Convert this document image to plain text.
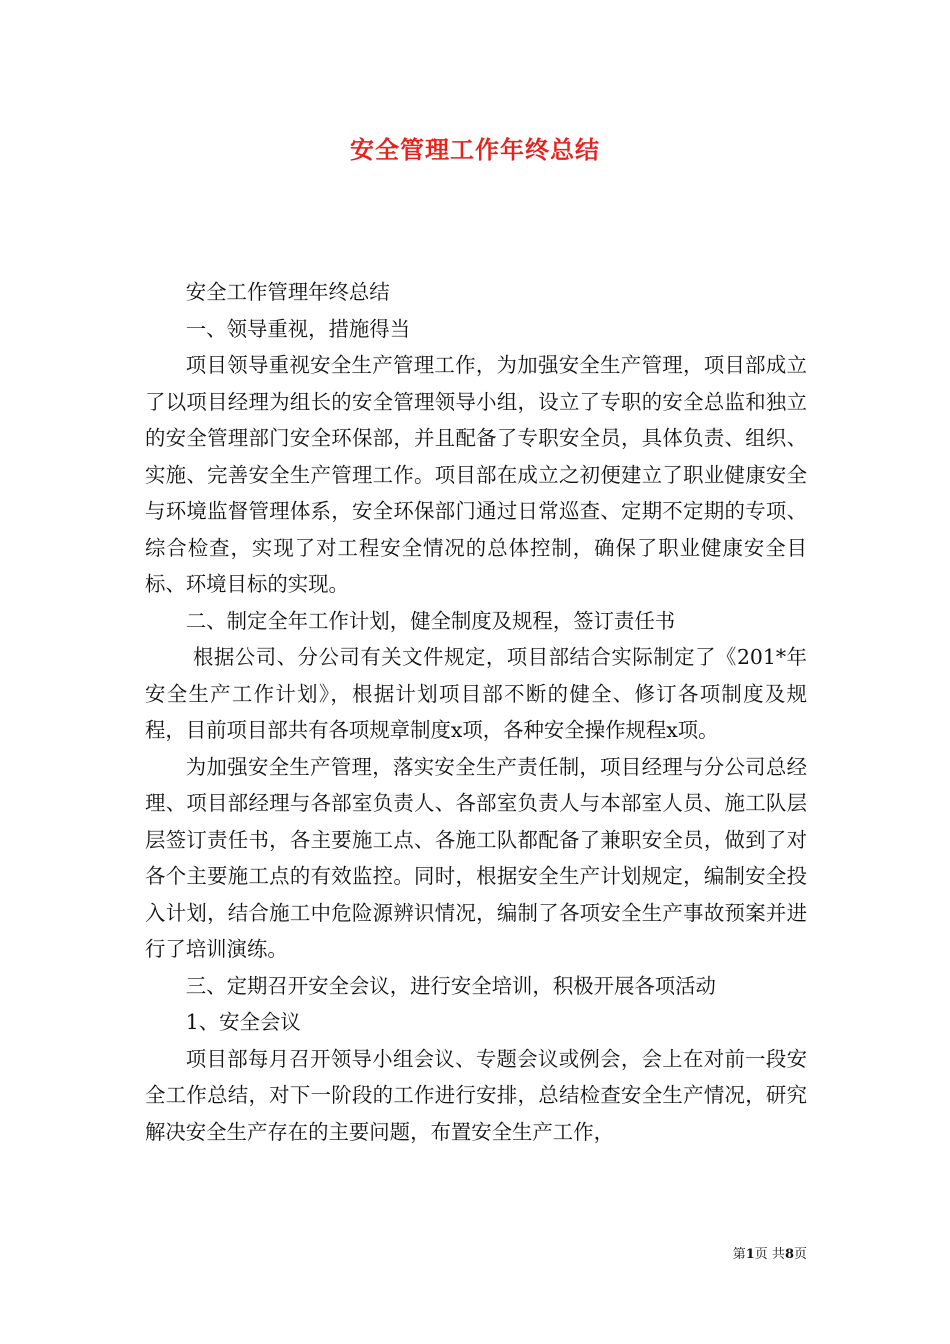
安全管理工作年终总结

安全工作管理年终总结

一、领导重视，措施得当

项目领导重视安全生产管理工作，为加强安全生产管理，项目部成立了以项目经理为组长的安全管理领导小组，设立了专职的安全总监和独立的安全管理部门安全环保部，并且配备了专职安全员，具体负责、组织、实施、完善安全生产管理工作。项目部在成立之初便建立了职业健康安全与环境监督管理体系，安全环保部门通过日常巡查、定期不定期的专项、综合检查，实现了对工程安全情况的总体控制，确保了职业健康安全目标、环境目标的实现。

二、制定全年工作计划，健全制度及规程，签订责任书

根据公司、分公司有关文件规定，项目部结合实际制定了《201*年安全生产工作计划》，根据计划项目部不断的健全、修订各项制度及规程，目前项目部共有各项规章制度x项，各种安全操作规程x项。

为加强安全生产管理，落实安全生产责任制，项目经理与分公司总经理、项目部经理与各部室负责人、各部室负责人与本部室人员、施工队层层签订责任书，各主要施工点、各施工队都配备了兼职安全员，做到了对各个主要施工点的有效监控。同时，根据安全生产计划规定，编制安全投入计划，结合施工中危险源辨识情况，编制了各项安全生产事故预案并进行了培训演练。

三、定期召开安全会议，进行安全培训，积极开展各项活动

1、安全会议

项目部每月召开领导小组会议、专题会议或例会，会上在对前一段安全工作总结，对下一阶段的工作进行安排，总结检查安全生产情况，研究解决安全生产存在的主要问题，布置安全生产工作，

第1页 共8页
